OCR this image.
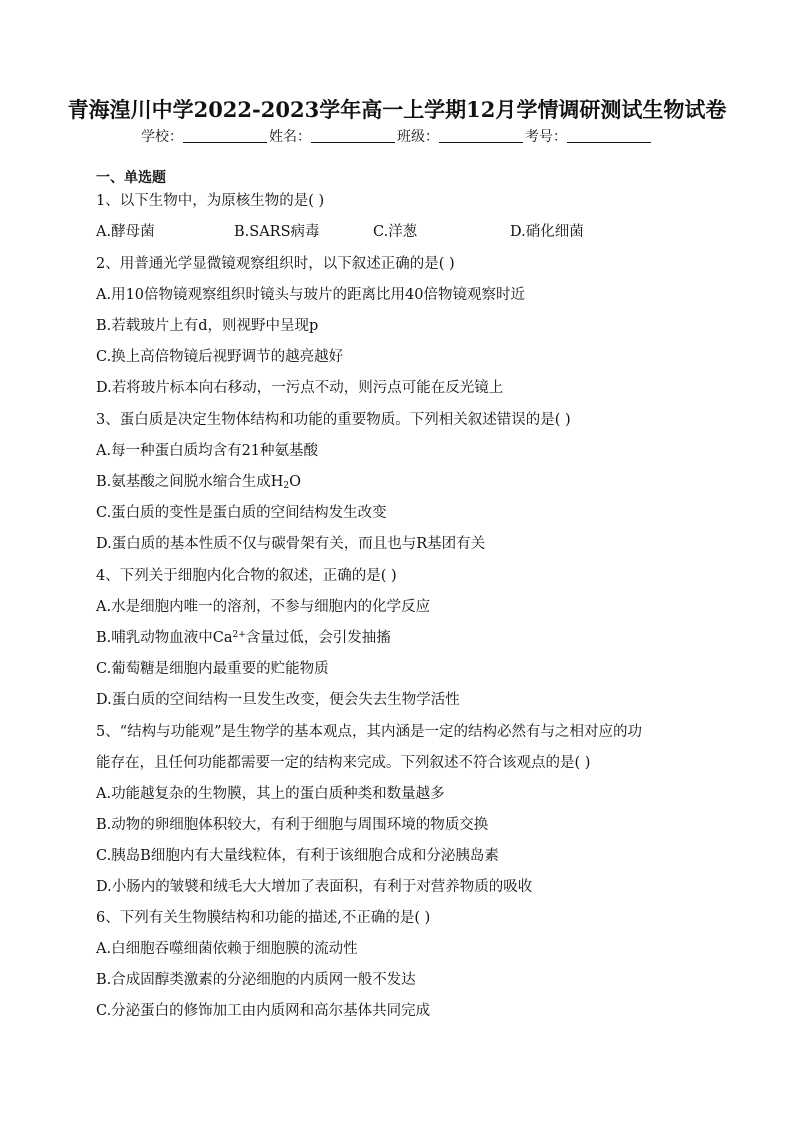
青海湟川中学2022-2023学年高一上学期12月学情调研测试生物试卷
学校：	姓名：	班级：	考号：
一、单选题
1、以下生物中，为原核生物的是( )
A.酵母菌	B.SARS病毒	C.洋葱	D.硝化细菌
2、用普通光学显微镜观察组织时，以下叙述正确的是( )
A.用10倍物镜观察组织时镜头与玻片的距离比用40倍物镜观察时近
B.若载玻片上有d，则视野中呈现p
C.换上高倍物镜后视野调节的越亮越好
D.若将玻片标本向右移动，一污点不动，则污点可能在反光镜上
3、蛋白质是决定生物体结构和功能的重要物质。下列相关叙述错误的是( )
A.每一种蛋白质均含有21种氨基酸
B.氨基酸之间脱水缩合生成$H_2O$
C.蛋白质的变性是蛋白质的空间结构发生改变
D.蛋白质的基本性质不仅与碳骨架有关，而且也与R基团有关
4、下列关于细胞内化合物的叙述，正确的是( )
A.水是细胞内唯一的溶剂，不参与细胞内的化学反应
B.哺乳动物血液中$Ca^{2+}$含量过低，会引发抽搐
C.葡萄糖是细胞内最重要的贮能物质
D.蛋白质的空间结构一旦发生改变，便会失去生物学活性
5、“结构与功能观”是生物学的基本观点，其内涵是一定的结构必然有与之相对应的功
能存在，且任何功能都需要一定的结构来完成。下列叙述不符合该观点的是( )
A.功能越复杂的生物膜，其上的蛋白质种类和数量越多
B.动物的卵细胞体积较大，有利于细胞与周围环境的物质交换
C.胰岛B细胞内有大量线粒体，有利于该细胞合成和分泌胰岛素
D.小肠内的皱襞和绒毛大大增加了表面积，有利于对营养物质的吸收
6、下列有关生物膜结构和功能的描述,不正确的是( )
A.白细胞吞噬细菌依赖于细胞膜的流动性
B.合成固醇类激素的分泌细胞的内质网一般不发达
C.分泌蛋白的修饰加工由内质网和高尔基体共同完成
